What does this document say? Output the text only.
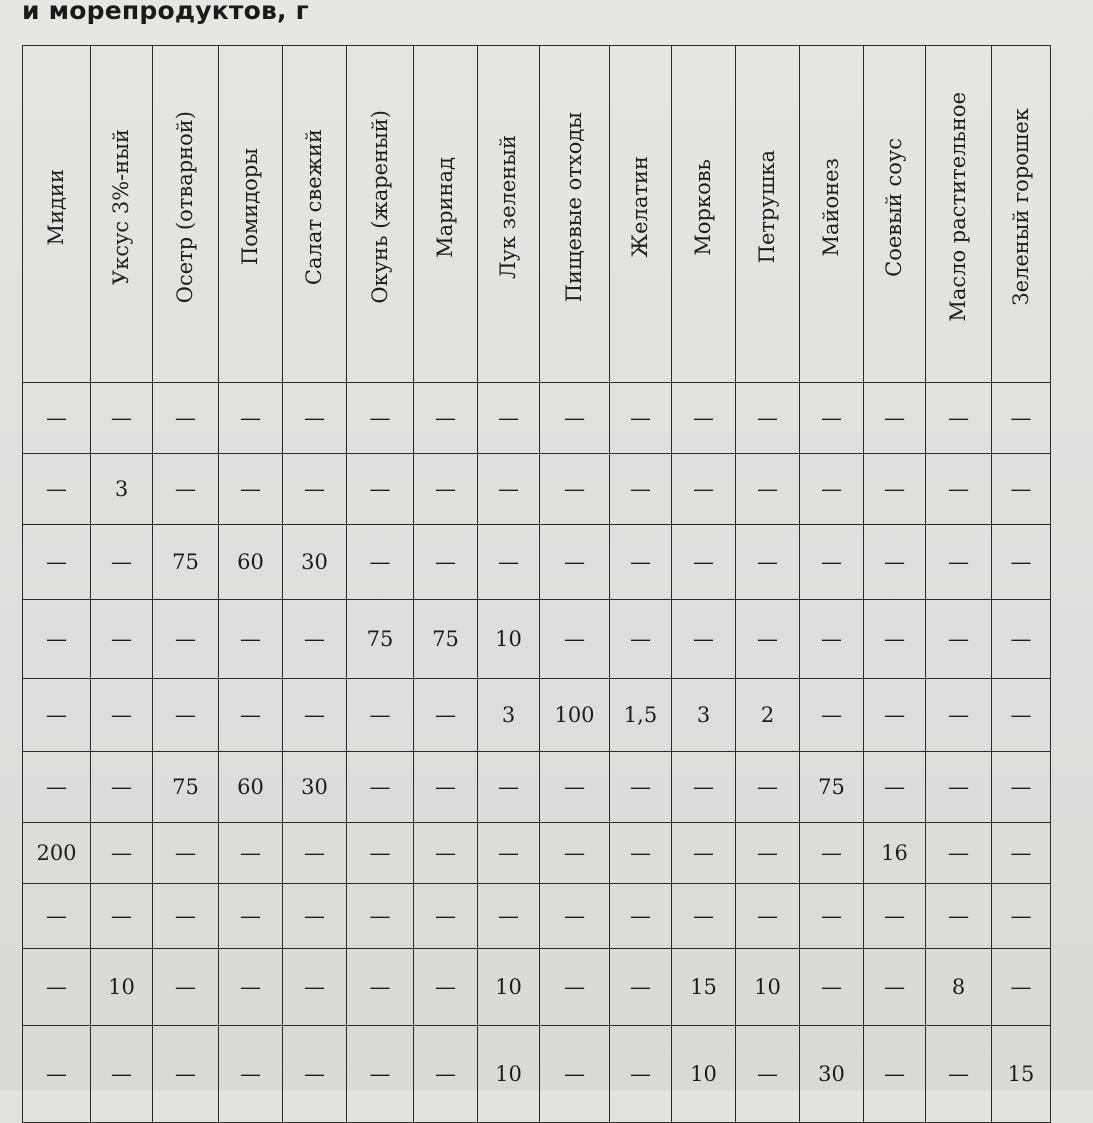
и морепродуктов, г
Мидии	Уксус 3%-ный	Осетр (отварной)	Помидоры	Салат свежий	Окунь (жареный)	Маринад	Лук зеленый	Пищевые отходы	Желатин	Морковь	Петрушка	Майонез	Соевый соус	Масло растительное	Зеленый горошек
—	—	—	—	—	—	—	—	—	—	—	—	—	—	—	—
—	3	—	—	—	—	—	—	—	—	—	—	—	—	—	—
—	—	75	60	30	—	—	—	—	—	—	—	—	—	—	—
—	—	—	—	—	75	75	10	—	—	—	—	—	—	—	—
—	—	—	—	—	—	—	3	100	1,5	3	2	—	—	—	—
—	—	75	60	30	—	—	—	—	—	—	—	75	—	—	—
200	—	—	—	—	—	—	—	—	—	—	—	—	16	—	—
—	—	—	—	—	—	—	—	—	—	—	—	—	—	—	—
—	10	—	—	—	—	—	10	—	—	15	10	—	—	8	—
—	—	—	—	—	—	—	10	—	—	10	—	30	—	—	15
